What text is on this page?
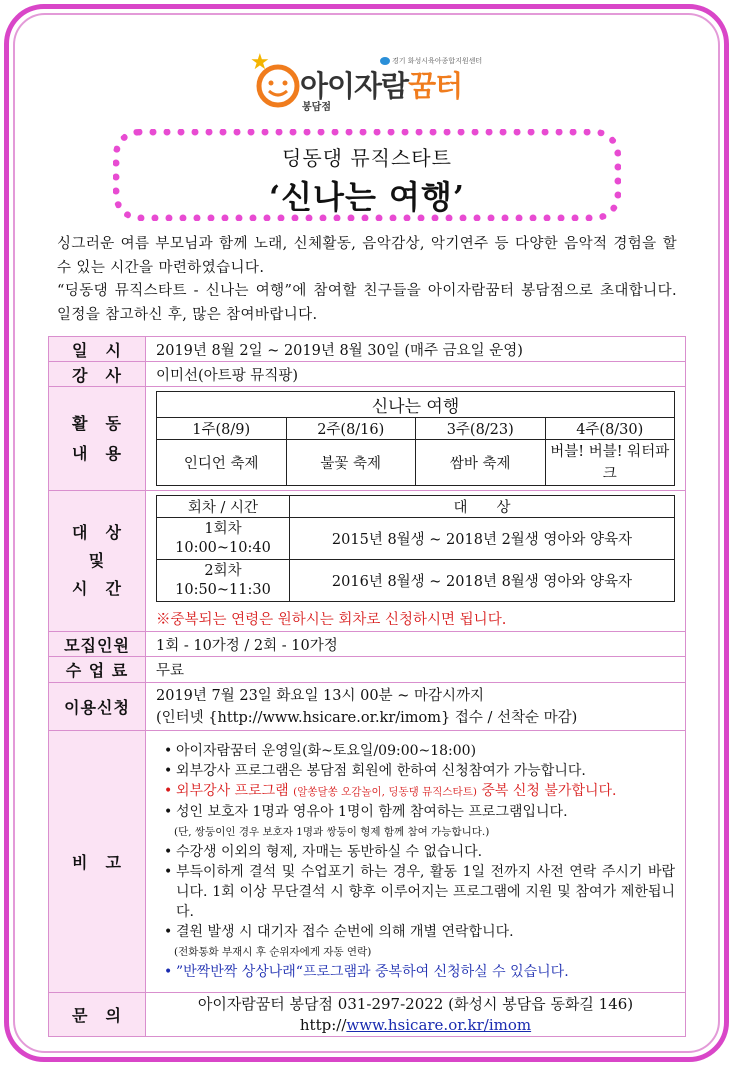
★
아이자람꿈터
봉담점
경기 화성시육아종합지원센터
딩동댕 뮤직스타트
‘신나는 여행’

싱그러운 여름 부모님과 함께 노래, 신체활동, 음악감상, 악기연주 등 다양한 음악적 경험을 할 수 있는 시간을 마련하였습니다.

“딩동댕 뮤직스타트 - 신나는 여행”에 참여할 친구들을 아이자람꿈터 봉담점으로 초대합니다. 일정을 참고하신 후, 많은 참여바랍니다.

일　시	2019년 8월 2일 ~ 2019년 8월 30일 (매주 금요일 운영)
강　사	이미선(아트팡 뮤직팡)

활　동
내　용

신나는 여행
1주(8/9)	2주(8/16)	3주(8/23)	4주(8/30)
인디언 축제	불꽃 축제	쌈바 축제	버블! 버블! 워터파크

대　상
및
시　간

회차 / 시간	대　　상

1회차
10:00~10:40	2015년 8월생 ~ 2018년 2월생 영아와 양육자

2회차
10:50~11:30	2016년 8월생 ~ 2018년 8월생 영아와 양육자
※중복되는 연령은 원하시는 회차로 신청하시면 됩니다.

모집인원	1회 - 10가정 / 2회 - 10가정
수 업 료	무료
이용신청	
2019년 7월 23일 화요일 13시 00분 ~ 마감시까지
(인터넷 {http://www.hsicare.or.kr/imom} 접수 / 선착순 마감)

비　고	
• 아이자람꿈터 운영일(화~토요일/09:00~18:00)
• 외부강사 프로그램은 봉담점 회원에 한하여 신청참여가 가능합니다.
• 외부강사 프로그램 (알쏭달쏭 오감놀이, 딩동댕 뮤직스타트) 중복 신청 불가합니다.
• 성인 보호자 1명과 영유아 1명이 함께 참여하는 프로그램입니다.
(단, 쌍둥이인 경우 보호자 1명과 쌍둥이 형제 함께 참여 가능합니다.)
• 수강생 이외의 형제, 자매는 동반하실 수 없습니다.
• 부득이하게 결석 및 수업포기 하는 경우, 활동 1일 전까지 사전 연락 주시기 바랍니다. 1회 이상 무단결석 시 향후 이루어지는 프로그램에 지원 및 참여가 제한됩니다.
• 결원 발생 시 대기자 접수 순번에 의해 개별 연락합니다.
(전화통화 부재시 후 순위자에게 자동 연락)
• ”반짝반짝 상상나래“프로그램과 중복하여 신청하실 수 있습니다.

문　의	
아이자람꿈터 봉담점 031-297-2022 (화성시 봉담읍 동화길 146)
http://www.hsicare.or.kr/imom
